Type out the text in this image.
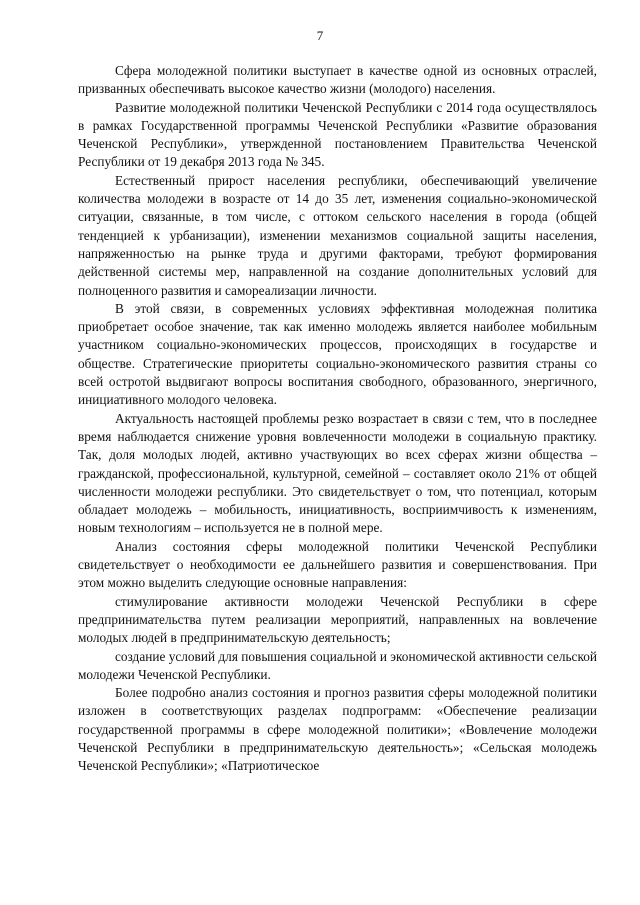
7

Сфера молодежной политики выступает в качестве одной из основных отраслей, призванных обеспечивать высокое качество жизни (молодого) населения.

Развитие молодежной политики Чеченской Республики с 2014 года осуществлялось в рамках Государственной программы Чеченской Республики «Развитие образования Чеченской Республики», утвержденной постановлением Правительства Чеченской Республики от 19 декабря 2013 года № 345.

Естественный прирост населения республики, обеспечивающий увеличение количества молодежи в возрасте от 14 до 35 лет, изменения социально-экономической ситуации, связанные, в том числе, с оттоком сельского населения в города (общей тенденцией к урбанизации), изменении механизмов социальной защиты населения, напряженностью на рынке труда и другими факторами, требуют формирования действенной системы мер, направленной на создание дополнительных условий для полноценного развития и самореализации личности.

В этой связи, в современных условиях эффективная молодежная политика приобретает особое значение, так как именно молодежь является наиболее мобильным участником социально-экономических процессов, происходящих в государстве и обществе. Стратегические приоритеты социально-экономического развития страны со всей остротой выдвигают вопросы воспитания свободного, образованного, энергичного, инициативного молодого человека.

Актуальность настоящей проблемы резко возрастает в связи с тем, что в последнее время наблюдается снижение уровня вовлеченности молодежи в социальную практику. Так, доля молодых людей, активно участвующих во всех сферах жизни общества – гражданской, профессиональной, культурной, семейной – составляет около 21% от общей численности молодежи республики. Это свидетельствует о том, что потенциал, которым обладает молодежь – мобильность, инициативность, восприимчивость к изменениям, новым технологиям – используется не в полной мере.

Анализ состояния сферы молодежной политики Чеченской Республики свидетельствует о необходимости ее дальнейшего развития и совершенствования. При этом можно выделить следующие основные направления:

стимулирование активности молодежи Чеченской Республики в сфере предпринимательства путем реализации мероприятий, направленных на вовлечение молодых людей в предпринимательскую деятельность;

создание условий для повышения социальной и экономической активности сельской молодежи Чеченской Республики.

Более подробно анализ состояния и прогноз развития сферы молодежной политики изложен в соответствующих разделах подпрограмм: «Обеспечение реализации государственной программы в сфере молодежной политики»; «Вовлечение молодежи Чеченской Республики в предпринимательскую деятельность»; «Сельская молодежь Чеченской Республики»; «Патриотическое
